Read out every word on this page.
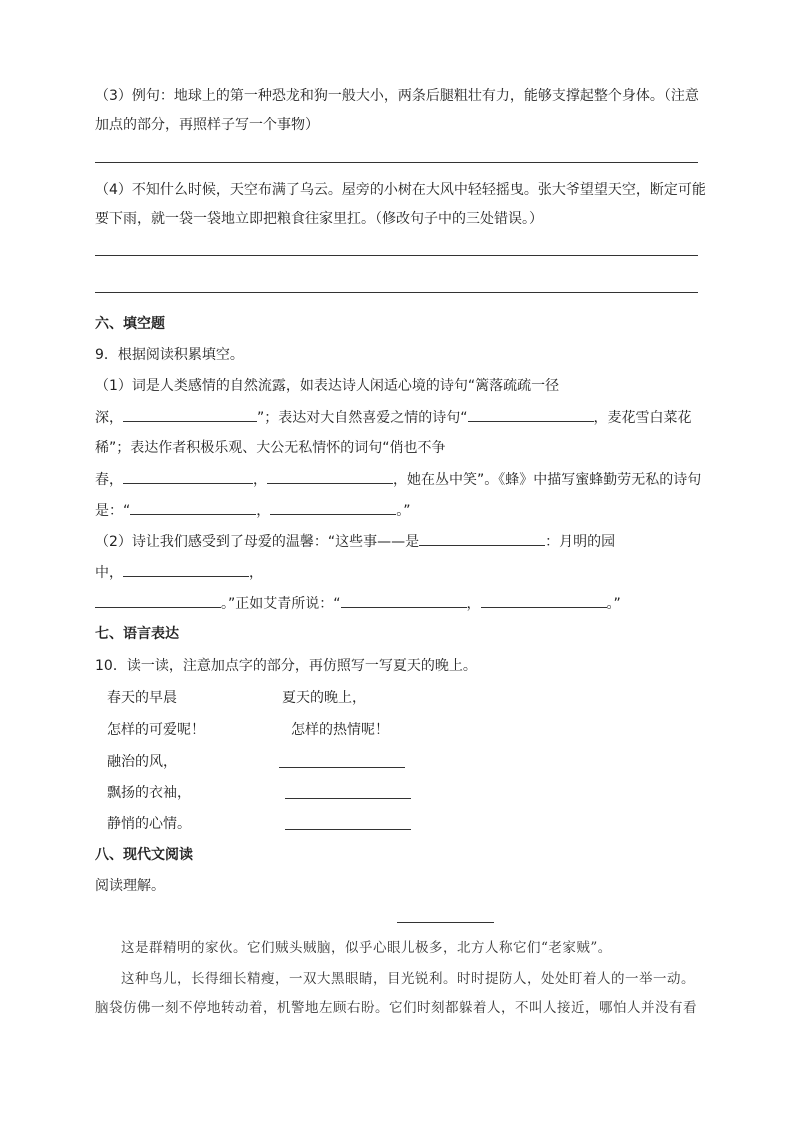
（3）例句：地球上的第一种恐龙和狗一般大小，两条后腿粗壮有力，能够支撑起整个身体。（注意
加点的部分，再照样子写一个事物）
（4）不知什么时候，天空布满了乌云。屋旁的小树在大风中轻轻摇曳。张大爷望望天空，断定可能
要下雨，就一袋一袋地立即把粮食往家里扛。（修改句子中的三处错误。）
六、填空题
9．根据阅读积累填空。
（1）词是人类感情的自然流露，如表达诗人闲适心境的诗句“篱落疏疏一径
深，	”；表达对大自然喜爱之情的诗句“	，麦花雪白菜花
稀”；表达作者积极乐观、大公无私情怀的词句“俏也不争
春，	，	，她在丛中笑”。《蜂》中描写蜜蜂勤劳无私的诗句
是：“	，	。”
（2）诗让我们感受到了母爱的温馨：“这些事——是	：月明的园
中，	，
。”正如艾青所说：“	，	。”
七、语言表达
10．读一读，注意加点字的部分，再仿照写一写夏天的晚上。
春天的早晨	夏天的晚上，
怎样的可爱呢！	怎样的热情呢！
融治的风，
飘扬的衣袖，
静悄的心情。
八、现代文阅读
阅读理解。
这是群精明的家伙。它们贼头贼脑，似乎心眼儿极多，北方人称它们“老家贼”。
这种鸟儿，长得细长精瘦，一双大黑眼睛，目光锐利。时时提防人，处处盯着人的一举一动。
脑袋仿佛一刻不停地转动着，机警地左顾右盼。它们时刻都躲着人，不叫人接近，哪怕人并没有看
